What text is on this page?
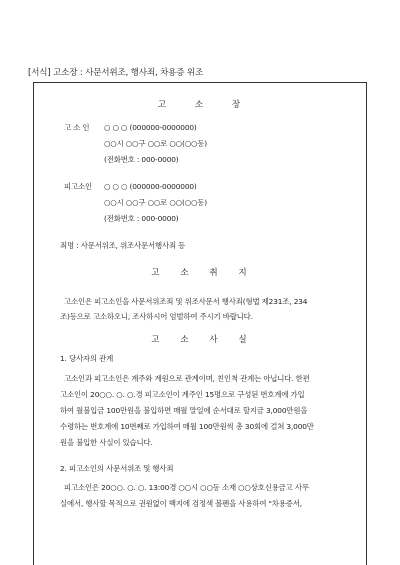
[서식] 고소장 : 사문서위조, 행사죄, 차용증 위조
고 소 장
고 소 인 ○ ○ ○ (000000-0000000)
○○시 ○○구 ○○로 ○○(○○동)
(전화번호 : 000-0000)
피고소인 ○ ○ ○ (000000-0000000)
○○시 ○○구 ○○로 ○○(○○동)
(전화번호 : 000-0000)
죄명 : 사문서위조, 위조사문서행사죄 등
고 소 취 지
고소인은 피고소인을 사문서위조죄 및 위조사문서 행사죄(형법 제231조, 234
조)등으로 고소하오니, 조사하시어 엄벌하여 주시기 바랍니다.
고 소 사 실
1. 당사자의 관계
고소인과 피고소인은 계주와 계원으로 관계이며, 친인척 관계는 아닙니다. 한편
고소인이 20○○. ○. ○.경 피고소인이 계주인 15명으로 구성된 번호계에 가입
하여 월불입금 100만원을 불입하면 매월 말일에 순서대로 할지금 3,000만원을
수령하는 번호계에 10번째로 가입하여 매월 100만원씩 총 30회에 걸쳐 3,000만
원을 불입한 사실이 있습니다.
2. 피고소인의 사문서위조 및 행사죄
피고소인은 20○○. ○. ○. 13:00경 ○○시 ○○동 소재 ○○상호신용금고 사무
실에서, 행사할 목적으로 권원없이 백지에 검정색 볼펜을 사용하여 "차용증서,
